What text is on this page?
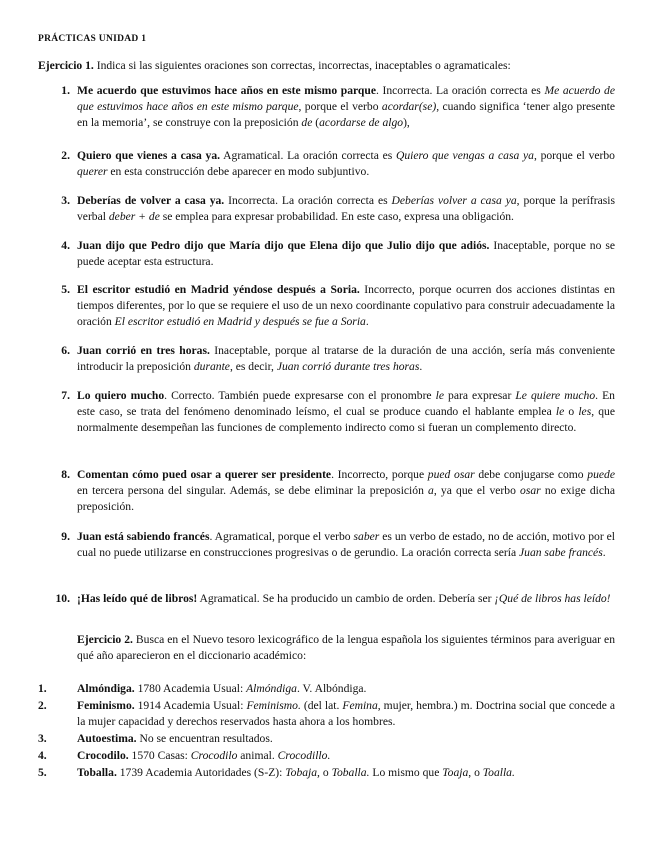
PRÁCTICAS UNIDAD 1
Ejercicio 1. Indica si las siguientes oraciones son correctas, incorrectas, inaceptables o agramaticales:
1. Me acuerdo que estuvimos hace años en este mismo parque. Incorrecta. La oración correcta es Me acuerdo de que estuvimos hace años en este mismo parque, porque el verbo acordar(se), cuando significa ‘tener algo presente en la memoria’, se construye con la preposición de (acordarse de algo),
2. Quiero que vienes a casa ya. Agramatical. La oración correcta es Quiero que vengas a casa ya, porque el verbo querer en esta construcción debe aparecer en modo subjuntivo.
3. Deberías de volver a casa ya. Incorrecta. La oración correcta es Deberías volver a casa ya, porque la perífrasis verbal deber + de se emplea para expresar probabilidad. En este caso, expresa una obligación.
4. Juan dijo que Pedro dijo que María dijo que Elena dijo que Julio dijo que adiós. Inaceptable, porque no se puede aceptar esta estructura.
5. El escritor estudió en Madrid yéndose después a Soria. Incorrecto, porque ocurren dos acciones distintas en tiempos diferentes, por lo que se requiere el uso de un nexo coordinante copulativo para construir adecuadamente la oración El escritor estudió en Madrid y después se fue a Soria.
6. Juan corrió en tres horas. Inaceptable, porque al tratarse de la duración de una acción, sería más conveniente introducir la preposición durante, es decir, Juan corrió durante tres horas.
7. Lo quiero mucho. Correcto. También puede expresarse con el pronombre le para expresar Le quiere mucho. En este caso, se trata del fenómeno denominado leísmo, el cual se produce cuando el hablante emplea le o les, que normalmente desempeñan las funciones de complemento indirecto como si fueran un complemento directo.
8. Comentan cómo pued osar a querer ser presidente. Incorrecto, porque pued osar debe conjugarse como puede en tercera persona del singular. Además, se debe eliminar la preposición a, ya que el verbo osar no exige dicha preposición.
9. Juan está sabiendo francés. Agramatical, porque el verbo saber es un verbo de estado, no de acción, motivo por el cual no puede utilizarse en construcciones progresivas o de gerundio. La oración correcta sería Juan sabe francés.
10. ¡Has leído qué de libros! Agramatical. Se ha producido un cambio de orden. Debería ser ¡Qué de libros has leído!
Ejercicio 2. Busca en el Nuevo tesoro lexicográfico de la lengua española los siguientes términos para averiguar en qué año aparecieron en el diccionario académico:
1.	Almóndiga. 1780 Academia Usual: Almóndiga. V. Albóndiga.
2.	Feminismo. 1914 Academia Usual: Feminismo. (del lat. Femina, mujer, hembra.) m. Doctrina social que concede a la mujer capacidad y derechos reservados hasta ahora a los hombres.
3.	Autoestima. No se encuentran resultados.
4.	Crocodilo. 1570 Casas: Crocodilo animal. Crocodillo.
5.	Toballa. 1739 Academia Autoridades (S-Z): Tobaja, o Toballa. Lo mismo que Toaja, o Toalla.
